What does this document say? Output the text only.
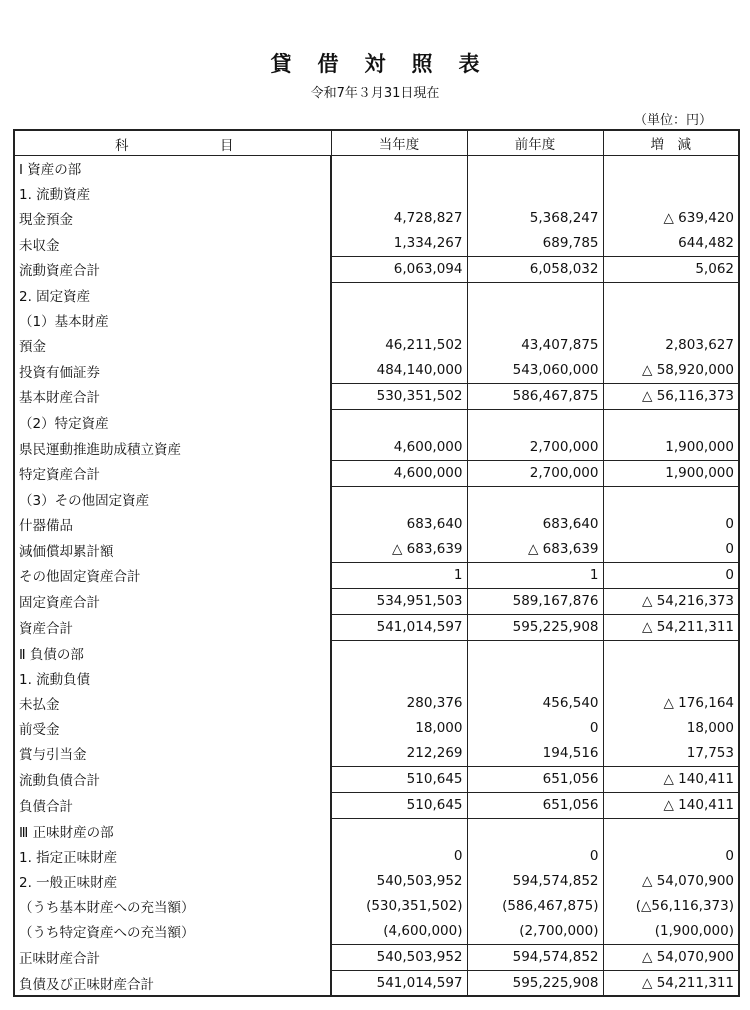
貸借対照表
令和7年３月31日現在
（単位：円）
科 目	当年度	前年度	増　減
Ⅰ 資産の部			
1. 流動資産			
現金預金	4,728,827	5,368,247	△ 639,420
未収金	1,334,267	689,785	644,482
流動資産合計	6,063,094	6,058,032	5,062
2. 固定資産			
（1）基本財産			
預金	46,211,502	43,407,875	2,803,627
投資有価証券	484,140,000	543,060,000	△ 58,920,000
基本財産合計	530,351,502	586,467,875	△ 56,116,373
（2）特定資産			
県民運動推進助成積立資産	4,600,000	2,700,000	1,900,000
特定資産合計	4,600,000	2,700,000	1,900,000
（3）その他固定資産			
什器備品	683,640	683,640	0
減価償却累計額	△ 683,639	△ 683,639	0
その他固定資産合計	1	1	0
固定資産合計	534,951,503	589,167,876	△ 54,216,373
資産合計	541,014,597	595,225,908	△ 54,211,311
Ⅱ 負債の部			
1. 流動負債			
未払金	280,376	456,540	△ 176,164
前受金	18,000	0	18,000
賞与引当金	212,269	194,516	17,753
流動負債合計	510,645	651,056	△ 140,411
負債合計	510,645	651,056	△ 140,411
Ⅲ 正味財産の部			
1. 指定正味財産	0	0	0
2. 一般正味財産	540,503,952	594,574,852	△ 54,070,900
（うち基本財産への充当額）	(530,351,502)	(586,467,875)	(△56,116,373)
（うち特定資産への充当額）	(4,600,000)	(2,700,000)	(1,900,000)
正味財産合計	540,503,952	594,574,852	△ 54,070,900
負債及び正味財産合計	541,014,597	595,225,908	△ 54,211,311
